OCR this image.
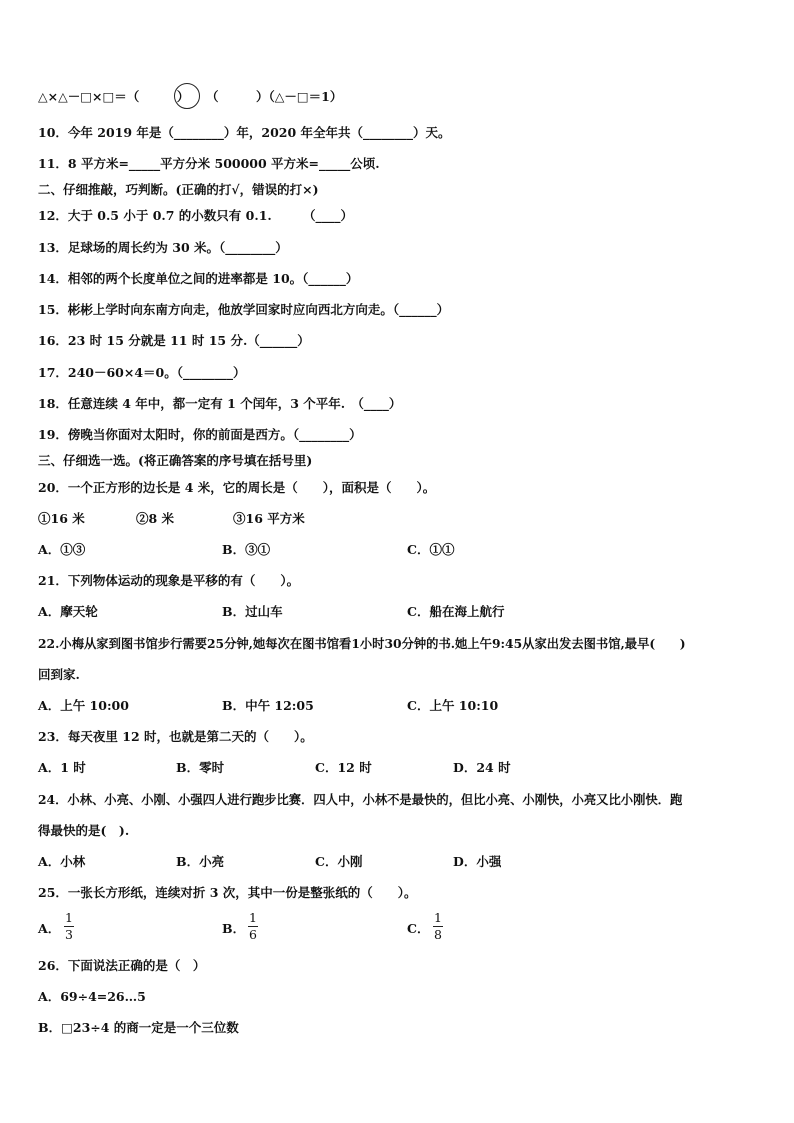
△×△－□×□＝（　　　） （　　　）（△－□＝1）
10．今年 2019 年是（________）年，2020 年全年共（________）天。
11．8 平方米=_____平方分米 500000 平方米=_____公顷.
二、仔细推敲，巧判断。(正确的打√，错误的打×)
12．大于 0.5 小于 0.7 的小数只有 0.1.　　　（____）
13．足球场的周长约为 30 米。（________）
14．相邻的两个长度单位之间的进率都是 10。（______）
15．彬彬上学时向东南方向走，他放学回家时应向西北方向走。（______）
16．23 时 15 分就是 11 时 15 分.（______）
17．240－60×4＝0。（________）
18．任意连续 4 年中，都一定有 1 个闰年，3 个平年.　（____）
19．傍晚当你面对太阳时，你的前面是西方。（________）
三、仔细选一选。(将正确答案的序号填在括号里)
20．一个正方形的边长是 4 米，它的周长是（　　），面积是（　　）。
①16 米	②8 米	③16 平方米
A．①③	B．③①	C．①①
21．下列物体运动的现象是平移的有（　　）。
A．摩天轮	B．过山车	C．船在海上航行
22.小梅从家到图书馆步行需要25分钟,她每次在图书馆看1小时30分钟的书.她上午9:45从家出发去图书馆,最早(　　)
回到家.
A．上午 10:00	B．中午 12:05	C．上午 10:10
23．每天夜里 12 时，也就是第二天的（　　）。
A．1 时	B．零时	C．12 时	D．24 时
24．小林、小亮、小刚、小强四人进行跑步比赛．四人中，小林不是最快的，但比小亮、小刚快，小亮又比小刚快．跑
得最快的是(　).
A．小林	B．小亮	C．小刚	D．小强
25．一张长方形纸，连续对折 3 次，其中一份是整张纸的（　　）。
A．
1
3	B．
1
6	C．
1
8
26．下面说法正确的是（　）
A．69÷4=26…5
B．□23÷4 的商一定是一个三位数
